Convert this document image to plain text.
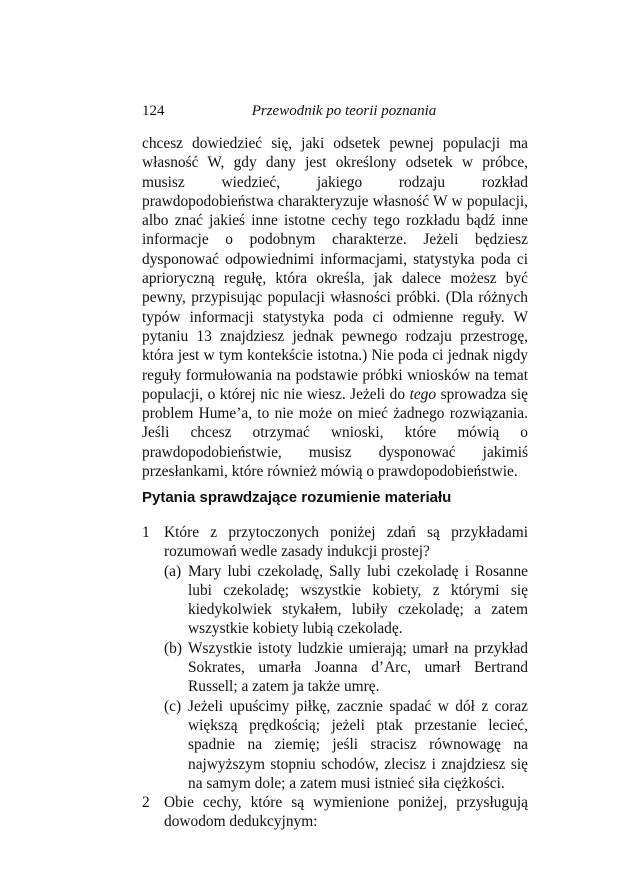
124	Przewodnik po teorii poznania
chcesz dowiedzieć się, jaki odsetek pewnej populacji ma własność W, gdy dany jest określony odsetek w próbce, musisz wiedzieć, jakiego rodzaju rozkład prawdopodobieństwa charakteryzuje własność W w populacji, albo znać jakieś inne istotne cechy tego rozkładu bądź inne informacje o podobnym charakterze. Jeżeli będziesz dysponować odpowiednimi informacjami, statystyka poda ci aprioryczną regułę, która określa, jak dalece możesz być pewny, przypisując populacji własności próbki. (Dla różnych typów informacji statystyka poda ci odmienne reguły. W pytaniu 13 znajdziesz jednak pewnego rodzaju przestrogę, która jest w tym kontekście istotna.) Nie poda ci jednak nigdy reguły formułowania na podstawie próbki wniosków na temat populacji, o której nic nie wiesz. Jeżeli do tego sprowadza się problem Hume’a, to nie może on mieć żadnego rozwiązania. Jeśli chcesz otrzymać wnioski, które mówią o prawdopodobieństwie, musisz dysponować jakimiś przesłankami, które również mówią o prawdopodobieństwie.
Pytania sprawdzające rozumienie materiału
1 Które z przytoczonych poniżej zdań są przykładami rozumowań wedle zasady indukcji prostej?
(a) Mary lubi czekoladę, Sally lubi czekoladę i Rosanne lubi czekoladę; wszystkie kobiety, z którymi się kiedykolwiek stykałem, lubiły czekoladę; a zatem wszystkie kobiety lubią czekoladę.
(b) Wszystkie istoty ludzkie umierają; umarł na przykład Sokrates, umarła Joanna d’Arc, umarł Bertrand Russell; a zatem ja także umrę.
(c) Jeżeli upuścimy piłkę, zacznie spadać w dół z coraz większą prędkością; jeżeli ptak przestanie lecieć, spadnie na ziemię; jeśli stracisz równowagę na najwyższym stopniu schodów, zlecisz i znajdziesz się na samym dole; a zatem musi istnieć siła ciężkości.
2 Obie cechy, które są wymienione poniżej, przysługują dowodom dedukcyjnym:
